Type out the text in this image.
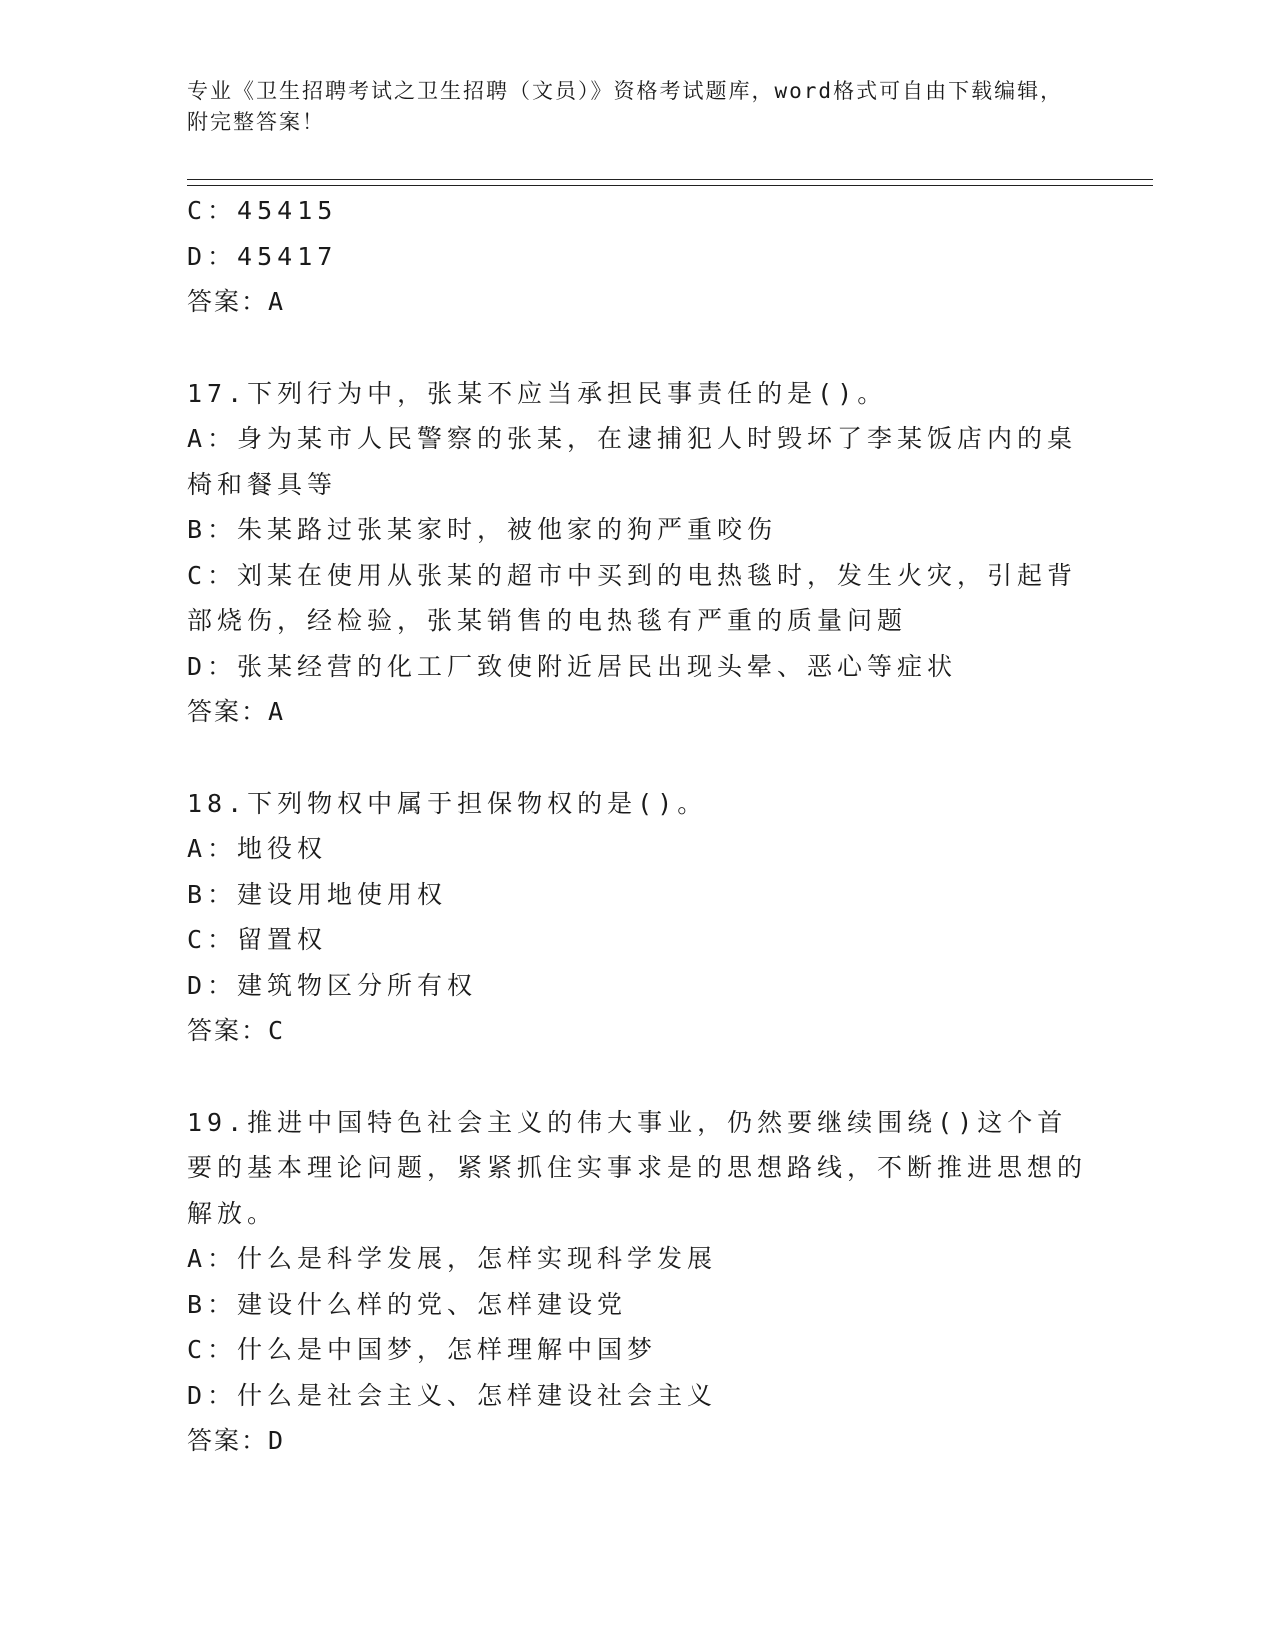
专业《卫生招聘考试之卫生招聘（文员）》资格考试题库，word格式可自由下载编辑，附完整答案！

C：45415

D：45417

答案：A

17.下列行为中，张某不应当承担民事责任的是()。

A：身为某市人民警察的张某，在逮捕犯人时毁坏了李某饭店内的桌椅和餐具等

B：朱某路过张某家时，被他家的狗严重咬伤

C：刘某在使用从张某的超市中买到的电热毯时，发生火灾，引起背部烧伤，经检验，张某销售的电热毯有严重的质量问题

D：张某经营的化工厂致使附近居民出现头晕、恶心等症状

答案：A

18.下列物权中属于担保物权的是()。

A：地役权

B：建设用地使用权

C：留置权

D：建筑物区分所有权

答案：C

19.推进中国特色社会主义的伟大事业，仍然要继续围绕()这个首要的基本理论问题，紧紧抓住实事求是的思想路线，不断推进思想的解放。

A：什么是科学发展，怎样实现科学发展

B：建设什么样的党、怎样建设党

C：什么是中国梦，怎样理解中国梦

D：什么是社会主义、怎样建设社会主义

答案：D
